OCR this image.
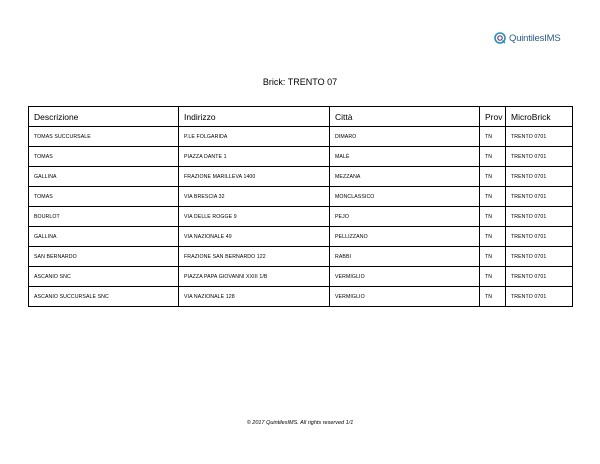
QuintilesIMS
Brick: TRENTO 07
Descrizione	Indirizzo	Città	Prov	MicroBrick
TOMAS SUCCURSALE	P.LE FOLGARIDA	DIMARO	TN	TRENTO 0701
TOMAS	PIAZZA DANTE 1	MALÈ	TN	TRENTO 0701
GALLINA	FRAZIONE MARILLEVA 1400	MEZZANA	TN	TRENTO 0701
TOMAS	VIA BRESCIA 32	MONCLASSICO	TN	TRENTO 0701
BOURLOT	VIA DELLE ROGGE 9	PEJO	TN	TRENTO 0701
GALLINA	VIA NAZIONALE 49	PELLIZZANO	TN	TRENTO 0701
SAN BERNARDO	FRAZIONE SAN BERNARDO 122	RABBI	TN	TRENTO 0701
ASCANIO SNC	PIAZZA PAPA GIOVANNI XXIII 1/B	VERMIGLIO	TN	TRENTO 0701
ASCANIO SUCCURSALE SNC	VIA NAZIONALE 128	VERMIGLIO	TN	TRENTO 0701
© 2017 QuintilesIMS. All rights reserved 1/1
